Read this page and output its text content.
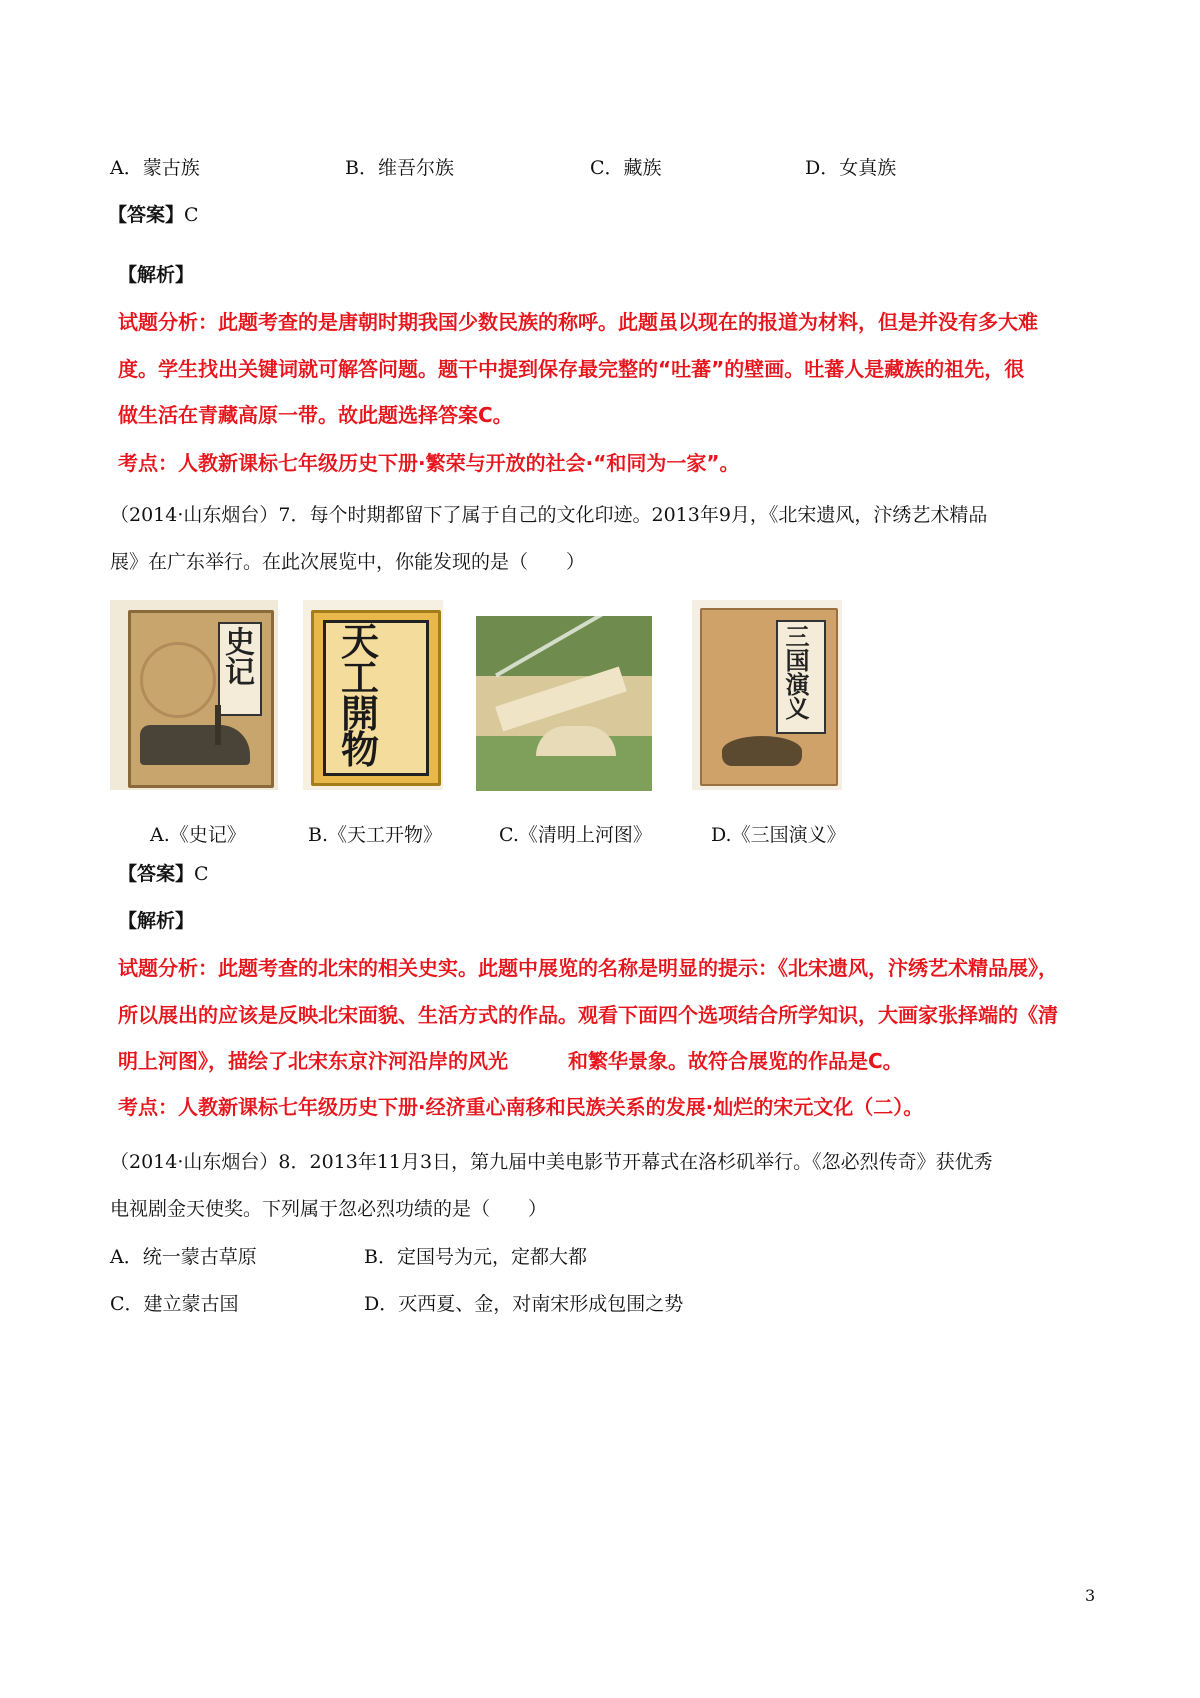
A．蒙古族	B．维吾尔族	C．藏族	D．女真族
【答案】C
【解析】
试题分析：此题考查的是唐朝时期我国少数民族的称呼。此题虽以现在的报道为材料，但是并没有多大难
度。学生找出关键词就可解答问题。题干中提到保存最完整的“吐蕃”的壁画。吐蕃人是藏族的祖先，很
做生活在青藏高原一带。故此题选择答案C。
考点：人教新课标七年级历史下册·繁荣与开放的社会·“和同为一家”。
（2014·山东烟台）7．每个时期都留下了属于自己的文化印迹。2013年9月，《北宋遗风，汴绣艺术精品
展》在广东举行。在此次展览中，你能发现的是（　　）
史记 天工開物
三国演义
A.《史记》	B.《天工开物》	C.《清明上河图》	D.《三国演义》
【答案】C
【解析】
试题分析：此题考查的北宋的相关史实。此题中展览的名称是明显的提示：《北宋遗风，汴绣艺术精品展》，
所以展出的应该是反映北宋面貌、生活方式的作品。观看下面四个选项结合所学知识，大画家张择端的《清
明上河图》，描绘了北宋东京汴河沿岸的风光　　　和繁华景象。故符合展览的作品是C。
考点：人教新课标七年级历史下册·经济重心南移和民族关系的发展·灿烂的宋元文化（二）。
（2014·山东烟台）8．2013年11月3日，第九届中美电影节开幕式在洛杉矶举行。《忽必烈传奇》获优秀
电视剧金天使奖。下列属于忽必烈功绩的是（　　）
A．统一蒙古草原	B．定国号为元，定都大都
C．建立蒙古国	D．灭西夏、金，对南宋形成包围之势
3
